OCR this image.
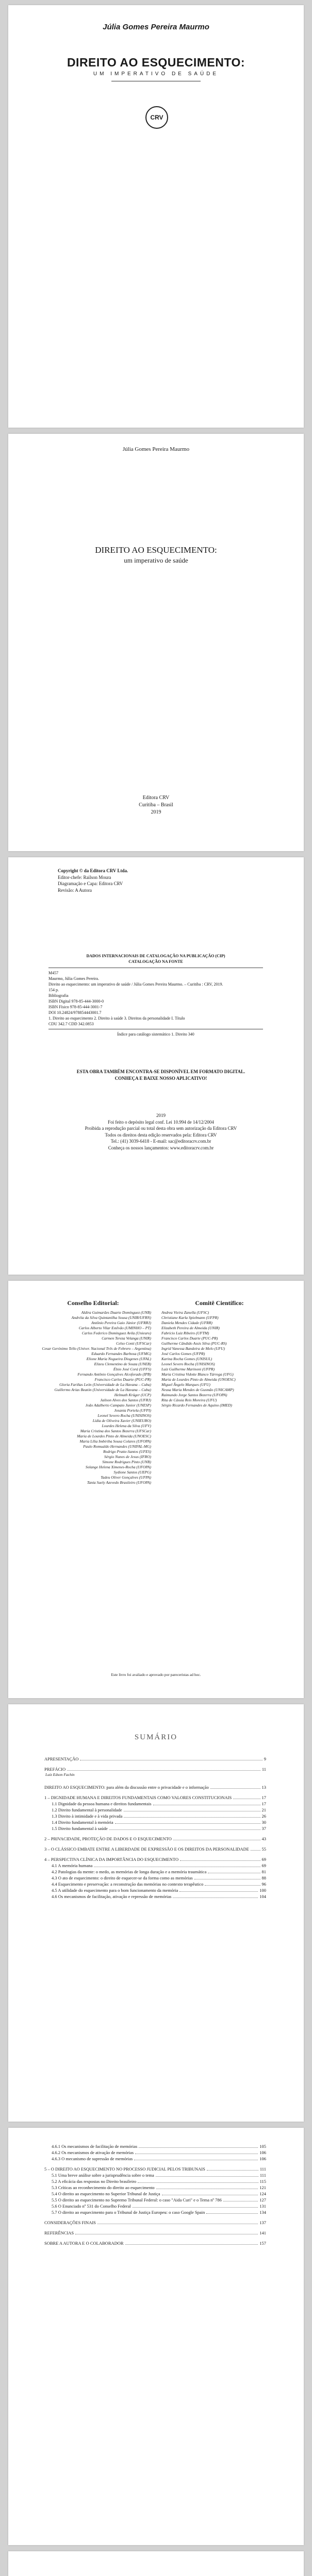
Júlia Gomes Pereira Maurmo
DIREITO AO ESQUECIMENTO:
UM IMPERATIVO DE SAÚDE
CRV
Júlia Gomes Pereira Maurmo
DIREITO AO ESQUECIMENTO:
um imperativo de saúde
Editora CRV
Curitiba – Brasil
2019
Copyright © da Editora CRV Ltda.
Editor-chefe: Railson Moura
Diagramação e Capa: Editora CRV
Revisão: A Autora
DADOS INTERNACIONAIS DE CATALOGAÇÃO NA PUBLICAÇÃO (CIP)
CATALOGAÇÃO NA FONTE
M457
Maurmo, Júlia Gomes Pereira.
Direito ao esquecimento: um imperativo de saúde / Júlia Gomes Pereira Maurmo. – Curitiba : CRV, 2019.
154 p.
Bibliografia
ISBN Digital 978-85-444-3000-0
ISBN Físico 978-85-444-3001-7
DOI 10.24824/978854443001.7
1. Direito ao esquecimento 2. Direito à saúde 3. Direitos da personalidade I. Título
CDU 342.7 CDD 342.0853
Índice para catálogo sistemático 1. Direito 340
ESTA OBRA TAMBÉM ENCONTRA-SE DISPONÍVEL EM FORMATO DIGITAL.
CONHEÇA E BAIXE NOSSO APLICATIVO!
2019
Foi feito o depósito legal conf. Lei 10.994 de 14/12/2004
Proibida a reprodução parcial ou total desta obra sem autorização da Editora CRV
Todos os direitos desta edição reservados pela: Editora CRV
Tel.: (41) 3039-6418 - E-mail: sac@editoracrv.com.br
Conheça os nossos lançamentos: www.editoracrv.com.br
Conselho Editorial:
Aldira Guimarães Duarte Domínguez (UNB)
Andréia da Silva Quintanilha Sousa (UNIR/UFRN)
Antônio Pereira Gaio Júnior (UFRRJ)
Carlos Alberto Vilar Estêvão (UMINHO – PT)
Carlos Federico Dominguez Avila (Unieuro)
Carmen Tereza Velanga (UNIR)
Celso Conti (UFSCar)
Cesar Gerónimo Tello (Univer. Nacional Três de Febrero – Argentina)
Eduardo Fernandes Barbosa (UFMG)
Elione Maria Nogueira Diogenes (UFAL)
Elizeu Clementino de Souza (UNEB)
Élsio José Corá (UFFS)
Fernando Antônio Gonçalves Alcoforado (IPB)
Francisco Carlos Duarte (PUC-PR)
Gloria Fariñas León (Universidade de La Havana – Cuba)
Guillermo Arias Beatón (Universidade de La Havana – Cuba)
Helmuth Krüger (UCP)
Jailson Alves dos Santos (UFRJ)
João Adalberto Campato Junior (UNESP)
Josania Portela (UFPI)
Leonel Severo Rocha (UNISINOS)
Lídia de Oliveira Xavier (UNIEURO)
Lourdes Helena da Silva (UFV)
Maria Cristina dos Santos Bezerra (UFSCar)
Maria de Lourdes Pinto de Almeida (UNOESC)
Maria Lília Imbiriba Sousa Colares (UFOPA)
Paulo Romualdo Hernandes (UNIFAL-MG)
Rodrigo Pratte-Santos (UFES)
Sérgio Nunes de Jesus (IFRO)
Simone Rodrigues Pinto (UNB)
Solange Helena Ximenes-Rocha (UFOPA)
Sydione Santos (UEPG)
Tadeu Oliver Gonçalves (UFPA)
Tania Suely Azevedo Brasileiro (UFOPA)
Comitê Científico:
Andrea Vieira Zanella (UFSC)
Christiane Karla Spielmann (UFPR)
Daniela Mendes Cidade (UFRR)
Elizabeth Pereira de Almeida (UNIR)
Fabrício Luiz Ribeiro (UFTM)
Francisco Carlos Duarte (PUC-PR)
Guilherme Cândido Assis Silva (PUC-RS)
Ingrid Vanessa Bandeira de Melo (UFU)
José Carlos Gomes (UFPR)
Karina Rocha Gomes (UNISUL)
Leonel Severo Rocha (UNISINOS)
Luiz Guilherme Marinoni (UFPR)
Maria Cristina Vidotte Blanco Tárrega (UFG)
Maria de Lourdes Pinto de Almeida (UNOESC)
Miguel Ângelo Marques (UFU)
Neusa Maria Mendes de Gusmão (UNICAMP)
Raimundo Jorge Santos Bezerra (UFOPA)
Rita de Cássia Reis Moreira (UFU)
Sérgio Ricardo Fernandes de Aquino (IMED)
Este livro foi avaliado e aprovado por pareceristas ad hoc.
SUMÁRIO
APRESENTAÇÃO	9
PREFÁCIO	11
Luiz Edson Fachin
DIREITO AO ESQUECIMENTO: para além da discussão entre o privacidade e o informação	13
1 – DIGNIDADE HUMANA E DIREITOS FUNDAMENTAIS COMO VALORES CONSTITUCIONAIS	17
1.1 Dignidade da pessoa humana e direitos fundamentais	17
1.2 Direito fundamental à personalidade	21
1.3 Direito à intimidade e à vida privada	26
1.4 Direito fundamental à memória	30
1.5 Direito fundamental à saúde	37
2 – PRIVACIDADE, PROTEÇÃO DE DADOS E O ESQUECIMENTO	43
3 – O CLÁSSICO EMBATE ENTRE A LIBERDADE DE EXPRESSÃO E OS DIREITOS DA PERSONALIDADE	55
4 – PERSPECTIVA CLÍNICA DA IMPORTÂNCIA DO ESQUECIMENTO	69
4.1 A memória humana	69
4.2 Patologias da mente: o medo, as memórias de longa duração e a memória traumática	81
4.3 O ato de esquecimento: o direito de esquecer-se da forma como as memórias	88
4.4 Esquecimento e preservação: a reconstrução das memórias no contexto terapêutico	96
4.5 A utilidade do esquecimento para o bom funcionamento da memória	100
4.6 Os mecanismos de facilitação, ativação e repressão de memórias	104
4.6.1 Os mecanismos de facilitação de memórias	105
4.6.2 Os mecanismos de ativação de memórias	106
4.6.3 O mecanismo de supressão de memórias	106
5 – O DIREITO AO ESQUECIMENTO NO PROCESSO JUDICIAL PELOS TRIBUNAIS	111
5.1 Uma breve análise sobre a jurisprudência sobre o tema	111
5.2 A eficácia das respostas no Direito brasileiro	115
5.3 Críticas ao reconhecimento do direito ao esquecimento	121
5.4 O direito ao esquecimento no Superior Tribunal de Justiça	124
5.5 O direito ao esquecimento no Supremo Tribunal Federal: o caso "Aida Curi" e o Tema nº 786	127
5.6 O Enunciado nº 531 do Conselho Federal	131
5.7 O direito ao esquecimento para o Tribunal de Justiça Europeu: o caso Google Spain	134
CONSIDERAÇÕES FINAIS	137
REFERÊNCIAS	141
SOBRE A AUTORA E O COLABORADOR	157
